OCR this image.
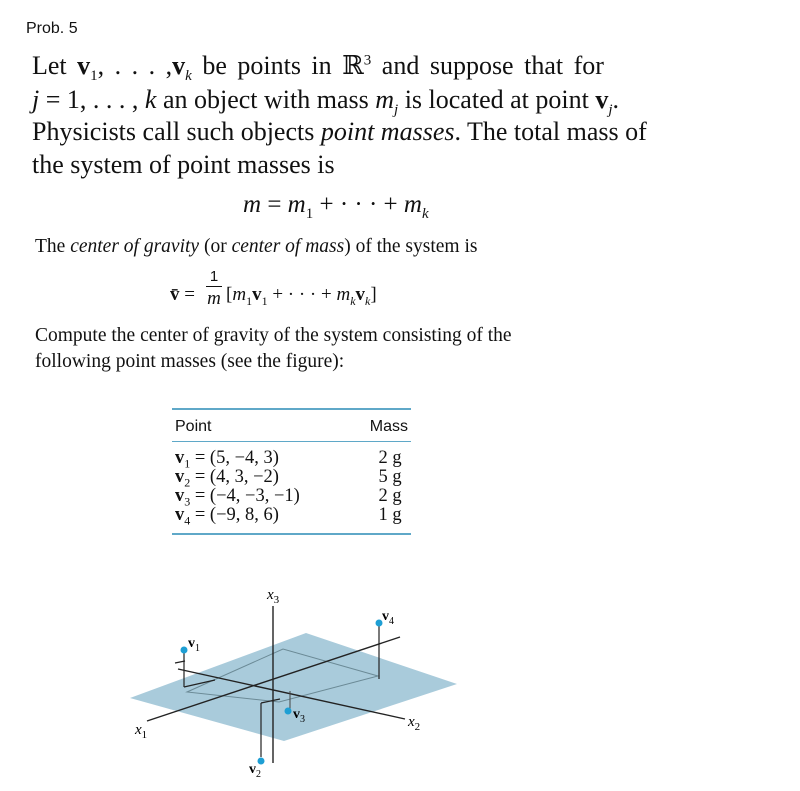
Prob. 5
Let $v_1$, . . . $,v_k$ be points in ℝ$^3$ and suppose that for
j = 1, . . . , k an object with mass $m_j$ is located at point $v_j$.
Physicists call such objects point masses. The total mass of
the system of point masses is
$m = m_1$ + · · · + $m_k$
The center of gravity (or center of mass) of the system is
v̄ =
1
m [$m_1v_1$ + · · · + $m_kv_k$]
Compute the center of gravity of the system consisting of the
following point masses (see the figure):
Point	Mass
$v_1 = (5$, −4, 3)	2 g
$v_2 = (4$, 3, −2)	5 g
$v_3 = (-4$, −3, −1)	2 g
$v_4 = (-9$, 8, 6)	1 g
$x_3$
$x_1$
$x_2$
$v_1$
$v_4$
$v_2$
$v_3$
